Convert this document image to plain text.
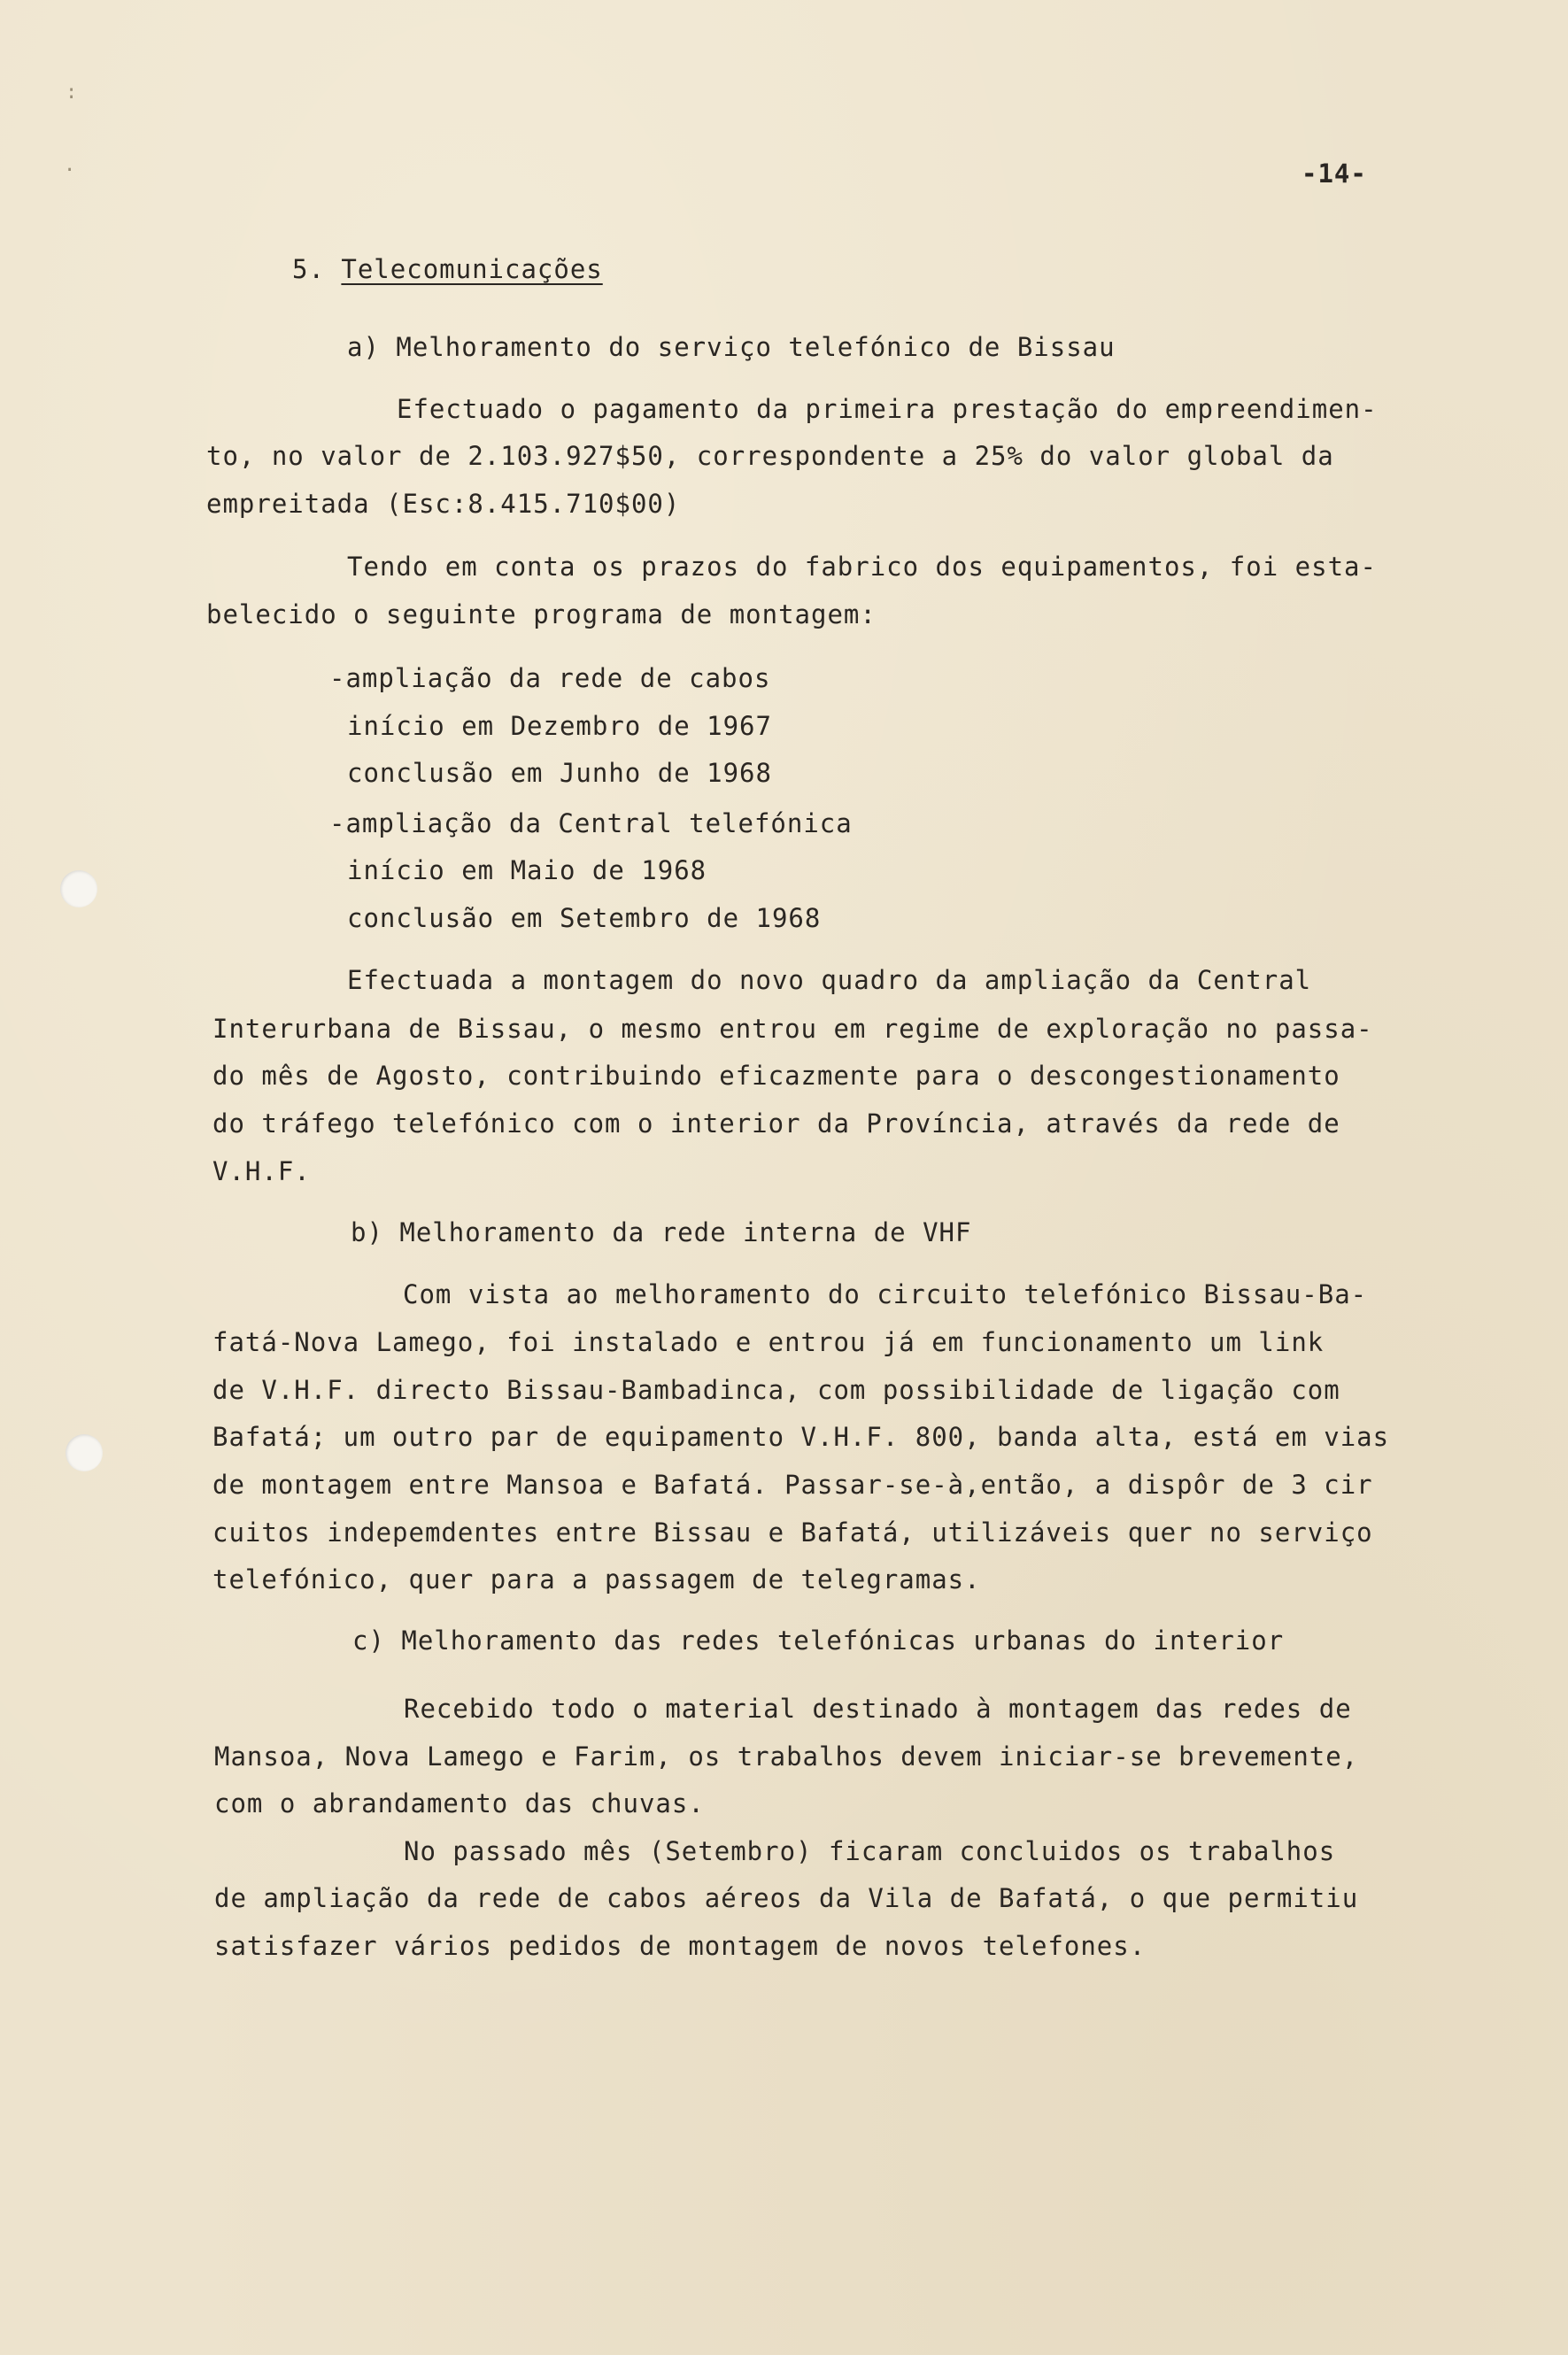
:
·	-14-
5. Telecomunicações
a) Melhoramento do serviço telefónico de Bissau
Efectuado o pagamento da primeira prestação do empreendimen-
to, no valor de 2.103.927$50, correspondente a 25% do valor global da
empreitada (Esc:8.415.710$00)
Tendo em conta os prazos do fabrico dos equipamentos, foi esta-
belecido o seguinte programa de montagem:
-ampliação da rede de cabos
início em Dezembro de 1967
conclusão em Junho de 1968
-ampliação da Central telefónica
início em Maio de 1968
conclusão em Setembro de 1968
Efectuada a montagem do novo quadro da ampliação da Central
Interurbana de Bissau, o mesmo entrou em regime de exploração no passa-
do mês de Agosto, contribuindo eficazmente para o descongestionamento
do tráfego telefónico com o interior da Província, através da rede de
V.H.F.
b) Melhoramento da rede interna de VHF
Com vista ao melhoramento do circuito telefónico Bissau-Ba-
fatá-Nova Lamego, foi instalado e entrou já em funcionamento um link
de V.H.F. directo Bissau-Bambadinca, com possibilidade de ligação com
Bafatá; um outro par de equipamento V.H.F. 800, banda alta, está em vias
de montagem entre Mansoa e Bafatá. Passar-se-à,então, a dispôr de 3 cir
cuitos indepemdentes entre Bissau e Bafatá, utilizáveis quer no serviço
telefónico, quer para a passagem de telegramas.
c) Melhoramento das redes telefónicas urbanas do interior
Recebido todo o material destinado à montagem das redes de
Mansoa, Nova Lamego e Farim, os trabalhos devem iniciar-se brevemente,
com o abrandamento das chuvas.
No passado mês (Setembro) ficaram concluidos os trabalhos
de ampliação da rede de cabos aéreos da Vila de Bafatá, o que permitiu
satisfazer vários pedidos de montagem de novos telefones.
